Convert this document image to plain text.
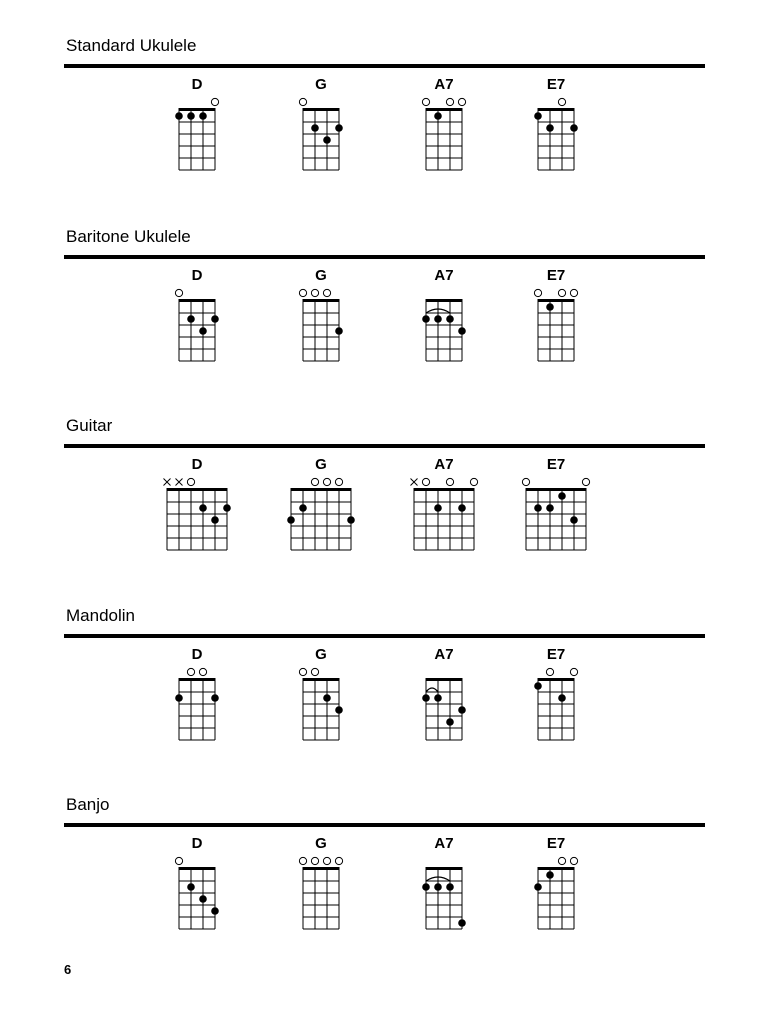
Standard Ukulele
D	G	A7	E7
Baritone Ukulele
D	G	A7	E7
Guitar
D	G	A7	E7
Mandolin
D	G	A7	E7
Banjo
D	G	A7	E7
6
